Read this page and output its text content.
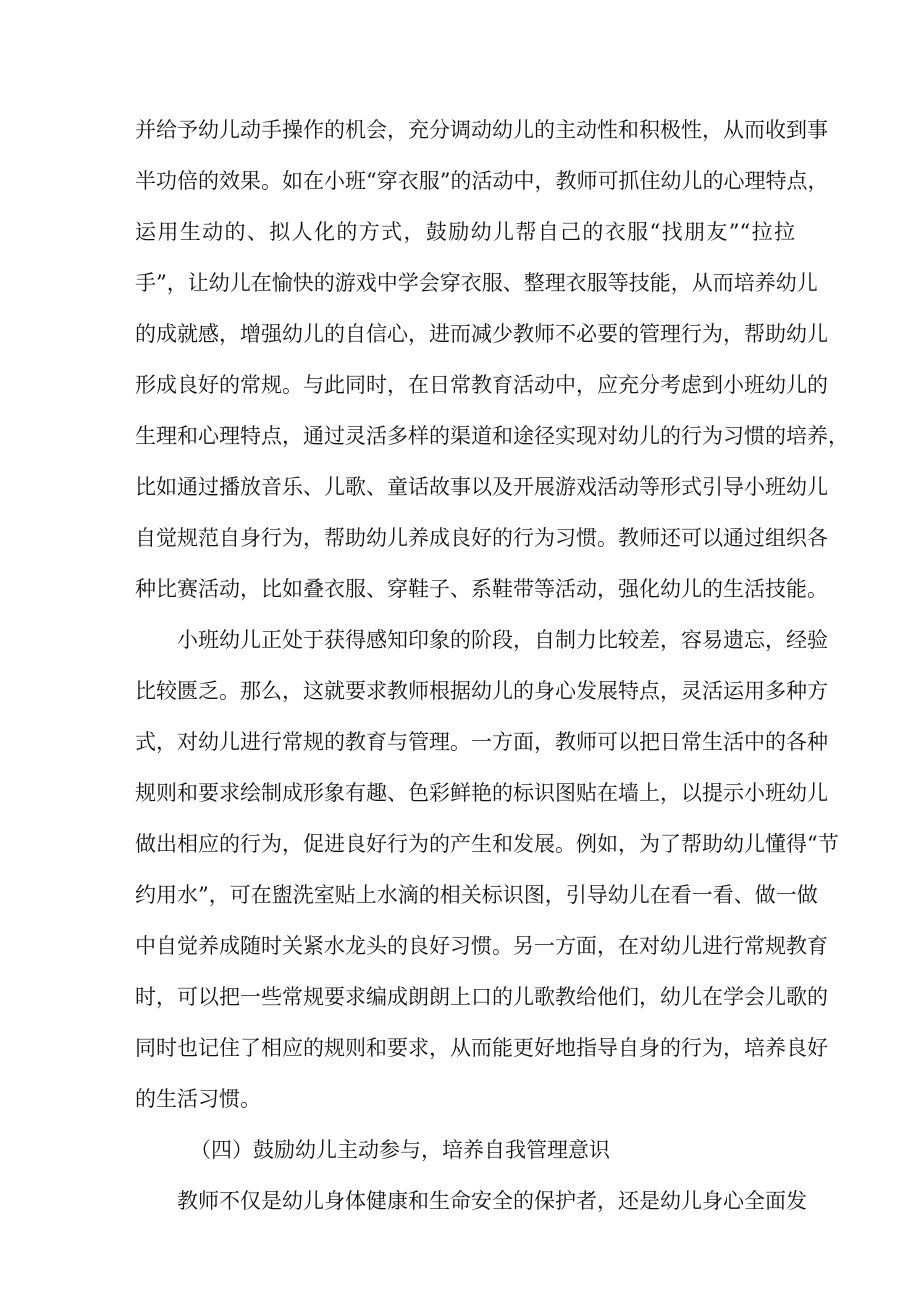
并给予幼儿动手操作的机会，充分调动幼儿的主动性和积极性，从而收到事
半功倍的效果。如在小班“穿衣服”的活动中，教师可抓住幼儿的心理特点，
运用生动的、拟人化的方式，鼓励幼儿帮自己的衣服“找朋友”“拉拉
手”，让幼儿在愉快的游戏中学会穿衣服、整理衣服等技能，从而培养幼儿
的成就感，增强幼儿的自信心，进而减少教师不必要的管理行为，帮助幼儿
形成良好的常规。与此同时，在日常教育活动中，应充分考虑到小班幼儿的
生理和心理特点，通过灵活多样的渠道和途径实现对幼儿的行为习惯的培养，
比如通过播放音乐、儿歌、童话故事以及开展游戏活动等形式引导小班幼儿
自觉规范自身行为，帮助幼儿养成良好的行为习惯。教师还可以通过组织各
种比赛活动，比如叠衣服、穿鞋子、系鞋带等活动，强化幼儿的生活技能。
小班幼儿正处于获得感知印象的阶段，自制力比较差，容易遗忘，经验
比较匮乏。那么，这就要求教师根据幼儿的身心发展特点，灵活运用多种方
式，对幼儿进行常规的教育与管理。一方面，教师可以把日常生活中的各种
规则和要求绘制成形象有趣、色彩鲜艳的标识图贴在墙上，以提示小班幼儿
做出相应的行为，促进良好行为的产生和发展。例如，为了帮助幼儿懂得“节
约用水”，可在盥洗室贴上水滴的相关标识图，引导幼儿在看一看、做一做
中自觉养成随时关紧水龙头的良好习惯。另一方面，在对幼儿进行常规教育
时，可以把一些常规要求编成朗朗上口的儿歌教给他们，幼儿在学会儿歌的
同时也记住了相应的规则和要求，从而能更好地指导自身的行为，培养良好
的生活习惯。
（四）鼓励幼儿主动参与，培养自我管理意识
教师不仅是幼儿身体健康和生命安全的保护者，还是幼儿身心全面发
